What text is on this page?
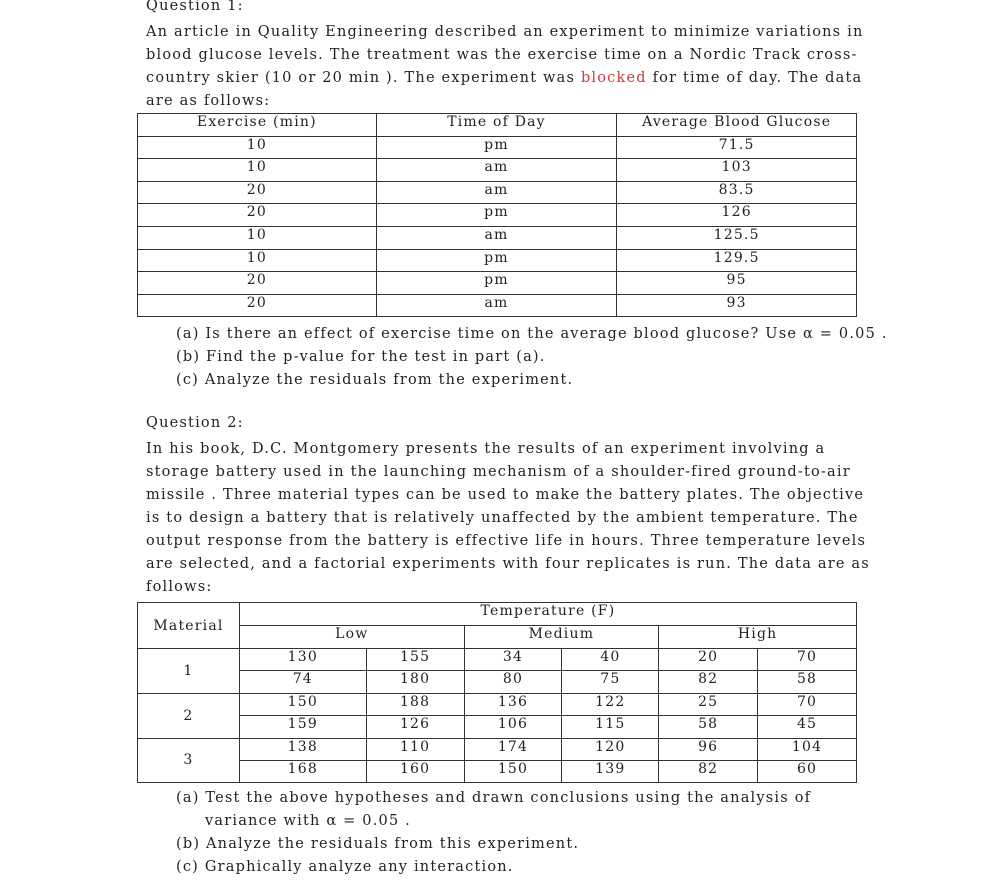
Question 1:

An article in Quality Engineering described an experiment to minimize variations in

blood glucose levels. The treatment was the exercise time on a Nordic Track cross-

country skier (10 or 20 min ). The experiment was blocked for time of day. The data

are as follows:

Exercise (min)	Time of Day	Average Blood Glucose
10	pm	71.5
10	am	103
20	am	83.5
20	pm	126
10	am	125.5
10	pm	129.5
20	pm	95
20	am	93
(a) Is there an effect of exercise time on the average blood glucose? Use α = 0.05 .
(b) Find the p-value for the test in part (a).
(c) Analyze the residuals from the experiment.
Question 2:

In his book, D.C. Montgomery presents the results of an experiment involving a

storage battery used in the launching mechanism of a shoulder-fired ground-to-air

missile . Three material types can be used to make the battery plates. The objective

is to design a battery that is relatively unaffected by the ambient temperature. The

output response from the battery is effective life in hours. Three temperature levels

are selected, and a factorial experiments with four replicates is run. The data are as

follows:

Material	Temperature (F)					
	Low		Medium		High	
1	130	155	34	40	20	70
	74	180	80	75	82	58
2	150	188	136	122	25	70
	159	126	106	115	58	45
3	138	110	174	120	96	104
	168	160	150	139	82	60
(a) Test the above hypotheses and drawn conclusions using the analysis of
variance with α = 0.05 .
(b) Analyze the residuals from this experiment.
(c) Graphically analyze any interaction.
